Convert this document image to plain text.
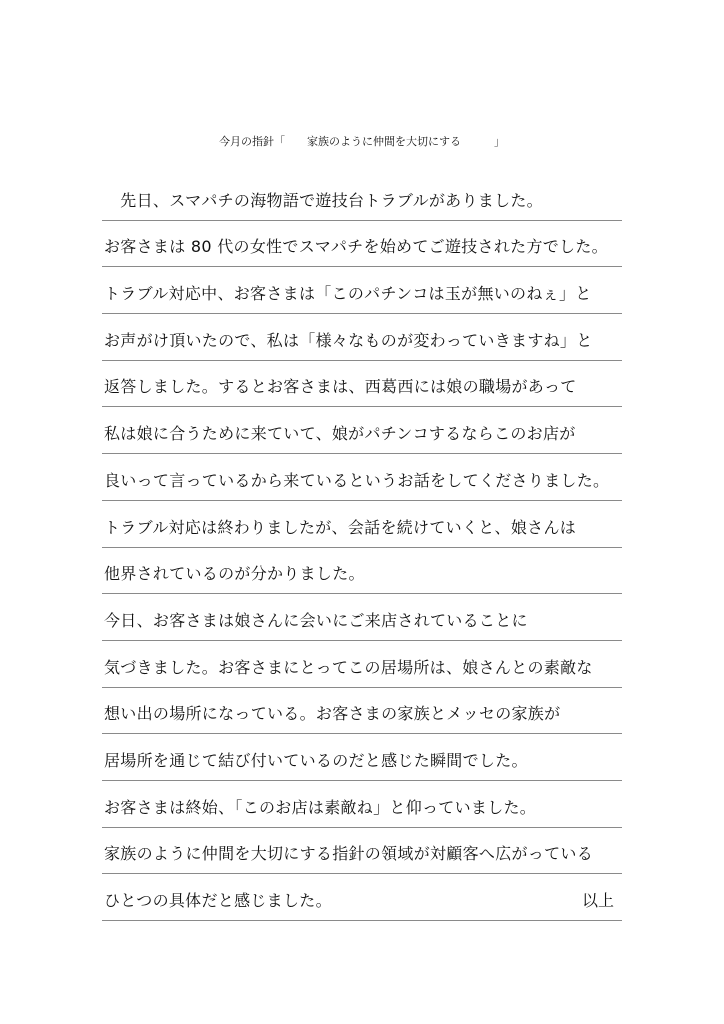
今月の指針「　　家族のように仲間を大切にする　　　」
　先日、スマパチの海物語で遊技台トラブルがありました。
お客さまは 80 代の女性でスマパチを始めてご遊技された方でした。
トラブル対応中、お客さまは「このパチンコは玉が無いのねぇ」と
お声がけ頂いたので、私は「様々なものが変わっていきますね」と
返答しました。するとお客さまは、西葛西には娘の職場があって
私は娘に合うために来ていて、娘がパチンコするならこのお店が
良いって言っているから来ているというお話をしてくださりました。
トラブル対応は終わりましたが、会話を続けていくと、娘さんは
他界されているのが分かりました。
今日、お客さまは娘さんに会いにご来店されていることに
気づきました。お客さまにとってこの居場所は、娘さんとの素敵な
想い出の場所になっている。お客さまの家族とメッセの家族が
居場所を通じて結び付いているのだと感じた瞬間でした。
お客さまは終始、「このお店は素敵ね」と仰っていました。
家族のように仲間を大切にする指針の領域が対顧客へ広がっている
ひとつの具体だと感じました。	以上
